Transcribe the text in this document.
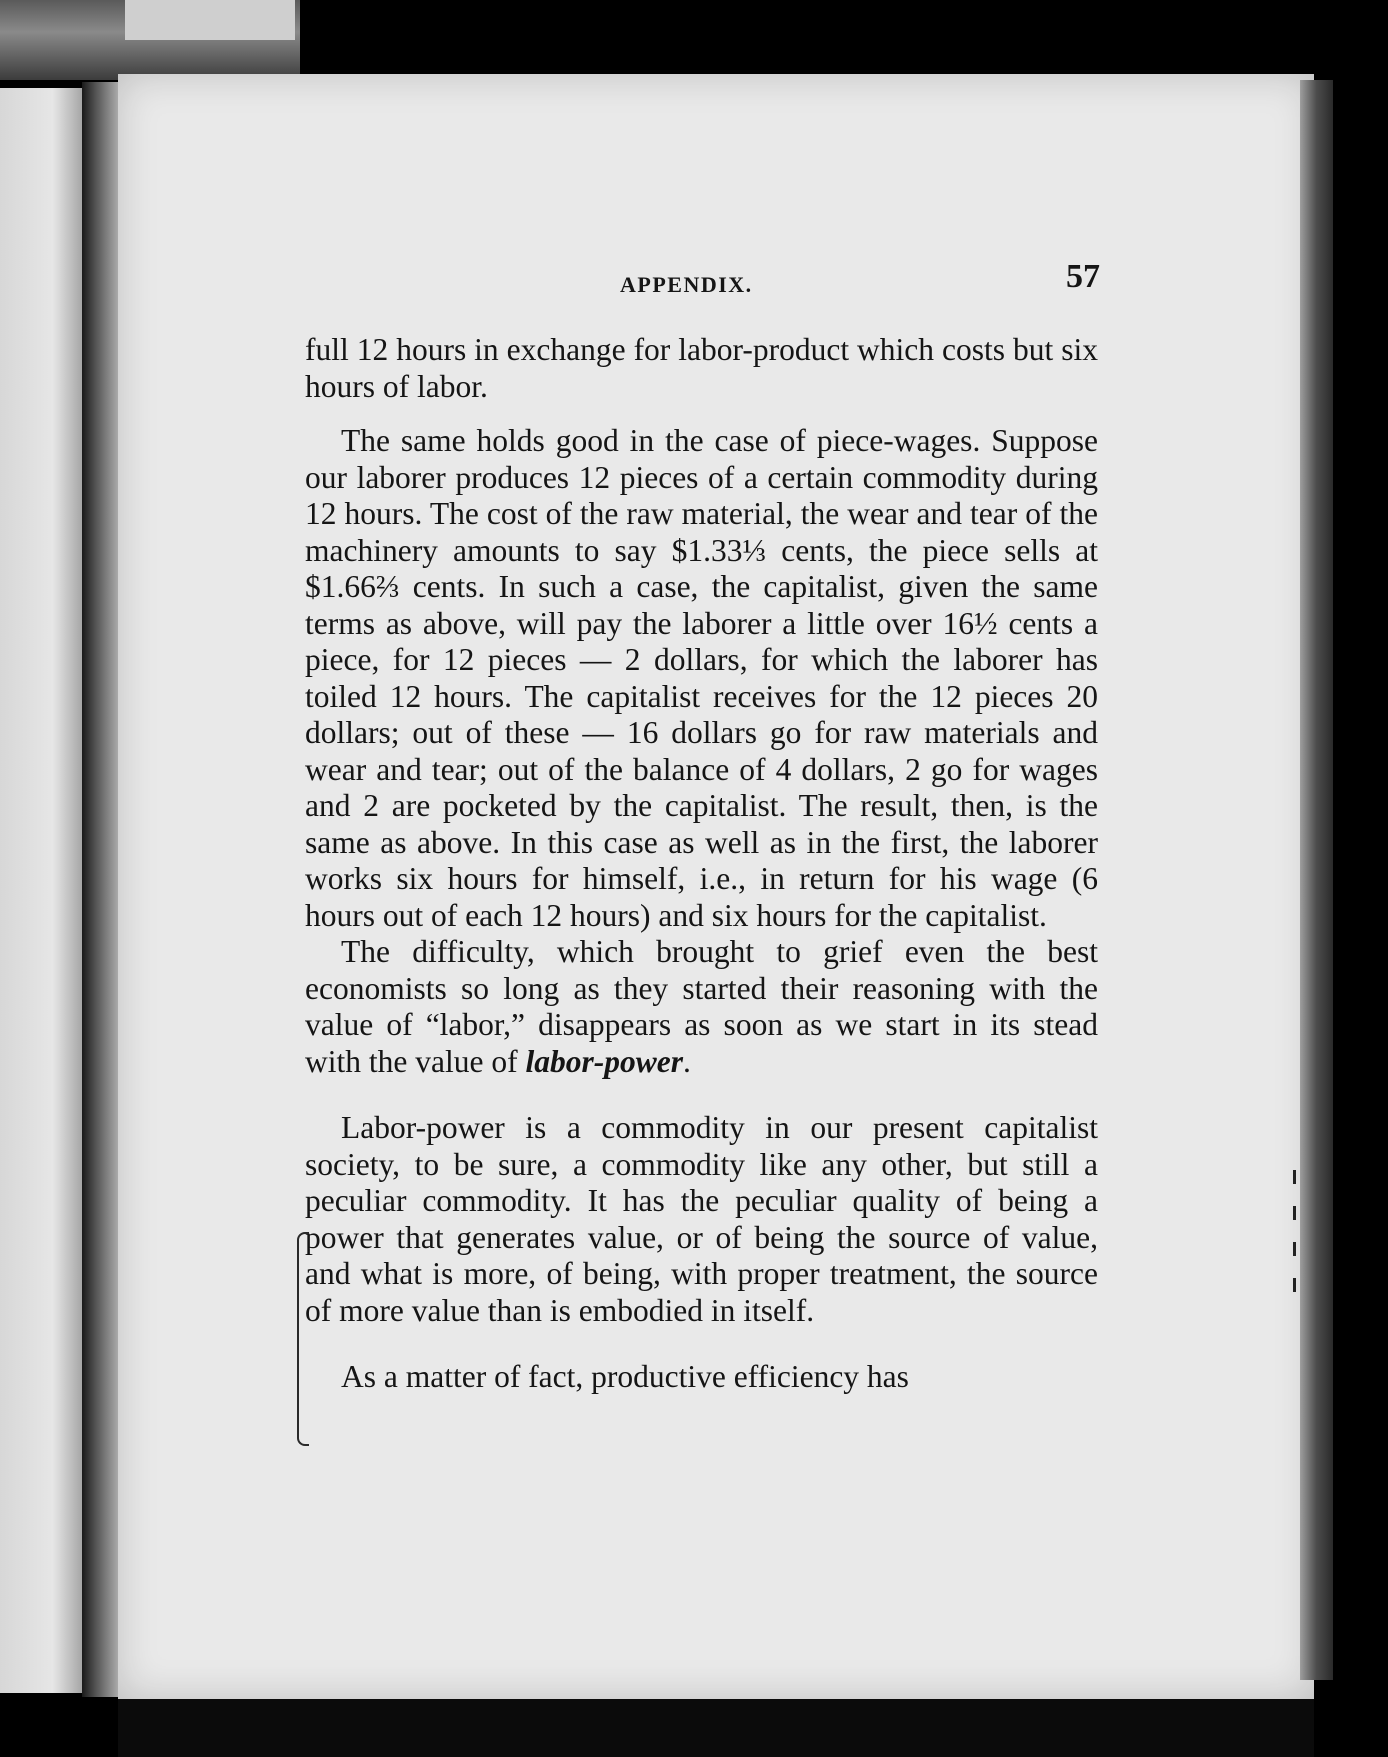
APPENDIX.	57

full 12 hours in exchange for labor-product which costs but six hours of labor.

The same holds good in the case of piece-wages. Suppose our laborer produces 12 pieces of a certain commodity during 12 hours. The cost of the raw material, the wear and tear of the machinery amounts to say $1.33⅓ cents, the piece sells at $1.66⅔ cents. In such a case, the capitalist, given the same terms as above, will pay the laborer a little over 16½ cents a piece, for 12 pieces — 2 dollars, for which the laborer has toiled 12 hours. The capitalist receives for the 12 pieces 20 dollars; out of these — 16 dollars go for raw materials and wear and tear; out of the balance of 4 dollars, 2 go for wages and 2 are pocketed by the capitalist. The result, then, is the same as above. In this case as well as in the first, the laborer works six hours for himself, i.e., in return for his wage (6 hours out of each 12 hours) and six hours for the capitalist.

The difficulty, which brought to grief even the best economists so long as they started their reasoning with the value of “labor,” disappears as soon as we start in its stead with the value of labor-power.

Labor-power is a commodity in our present capitalist society, to be sure, a commodity like any other, but still a peculiar commodity. It has the peculiar quality of being a power that generates value, or of being the source of value, and what is more, of being, with proper treatment, the source of more value than is embodied in itself.

As a matter of fact, productive efficiency has
